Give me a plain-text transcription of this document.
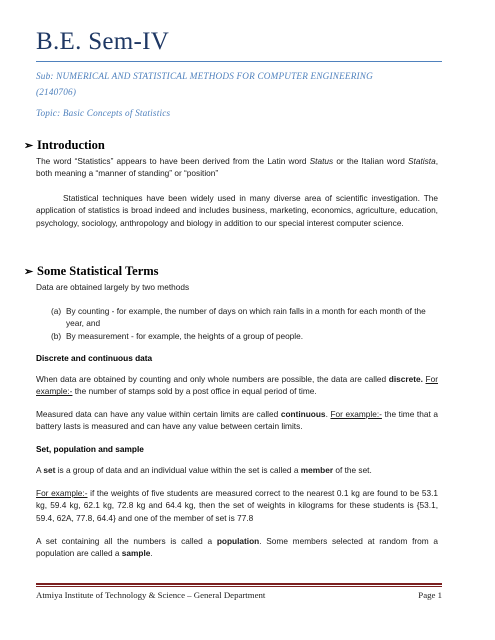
B.E. Sem-IV
Sub: NUMERICAL AND STATISTICAL METHODS FOR COMPUTER ENGINEERING
(2140706)
Topic: Basic Concepts of Statistics
➢ Introduction
The word “Statistics” appears to have been derived from the Latin word Status or the Italian word Statista, both meaning a “manner of standing” or “position”
Statistical techniques have been widely used in many diverse area of scientific investigation. The application of statistics is broad indeed and includes business, marketing, economics, agriculture, education, psychology, sociology, anthropology and biology in addition to our special interest computer science.
➢ Some Statistical Terms
Data are obtained largely by two methods
(a) By counting - for example, the number of days on which rain falls in a month for each month of the year, and
(b) By measurement - for example, the heights of a group of people.
Discrete and continuous data
When data are obtained by counting and only whole numbers are possible, the data are called discrete. For example:- the number of stamps sold by a post office in equal period of time.
Measured data can have any value within certain limits are called continuous. For example:- the time that a battery lasts is measured and can have any value between certain limits.
Set, population and sample
A set is a group of data and an individual value within the set is called a member of the set.
For example:- if the weights of five students are measured correct to the nearest 0.1 kg are found to be 53.1 kg, 59.4 kg, 62.1 kg, 72.8 kg and 64.4 kg, then the set of weights in kilograms for these students is {53.1, 59.4, 62A, 77.8, 64.4} and one of the member of set is 77.8
A set containing all the numbers is called a population. Some members selected at random from a population are called a sample.
Atmiya Institute of Technology & Science – General Department	Page 1
